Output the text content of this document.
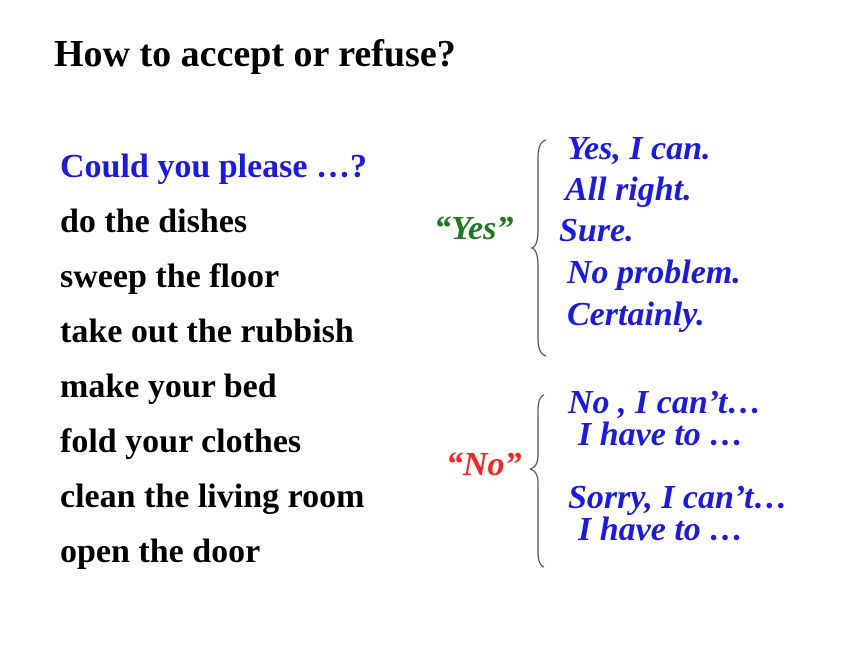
How to accept or refuse?
Could you please …?
do the dishes
sweep the floor
take out the rubbish
make your bed
fold your clothes
clean the living room
open the door
“Yes”
Yes, I can.
All right.
Sure.
No problem.
Certainly.
“No”
No , I can’t…
I have to …
Sorry, I can’t…
I have to …
